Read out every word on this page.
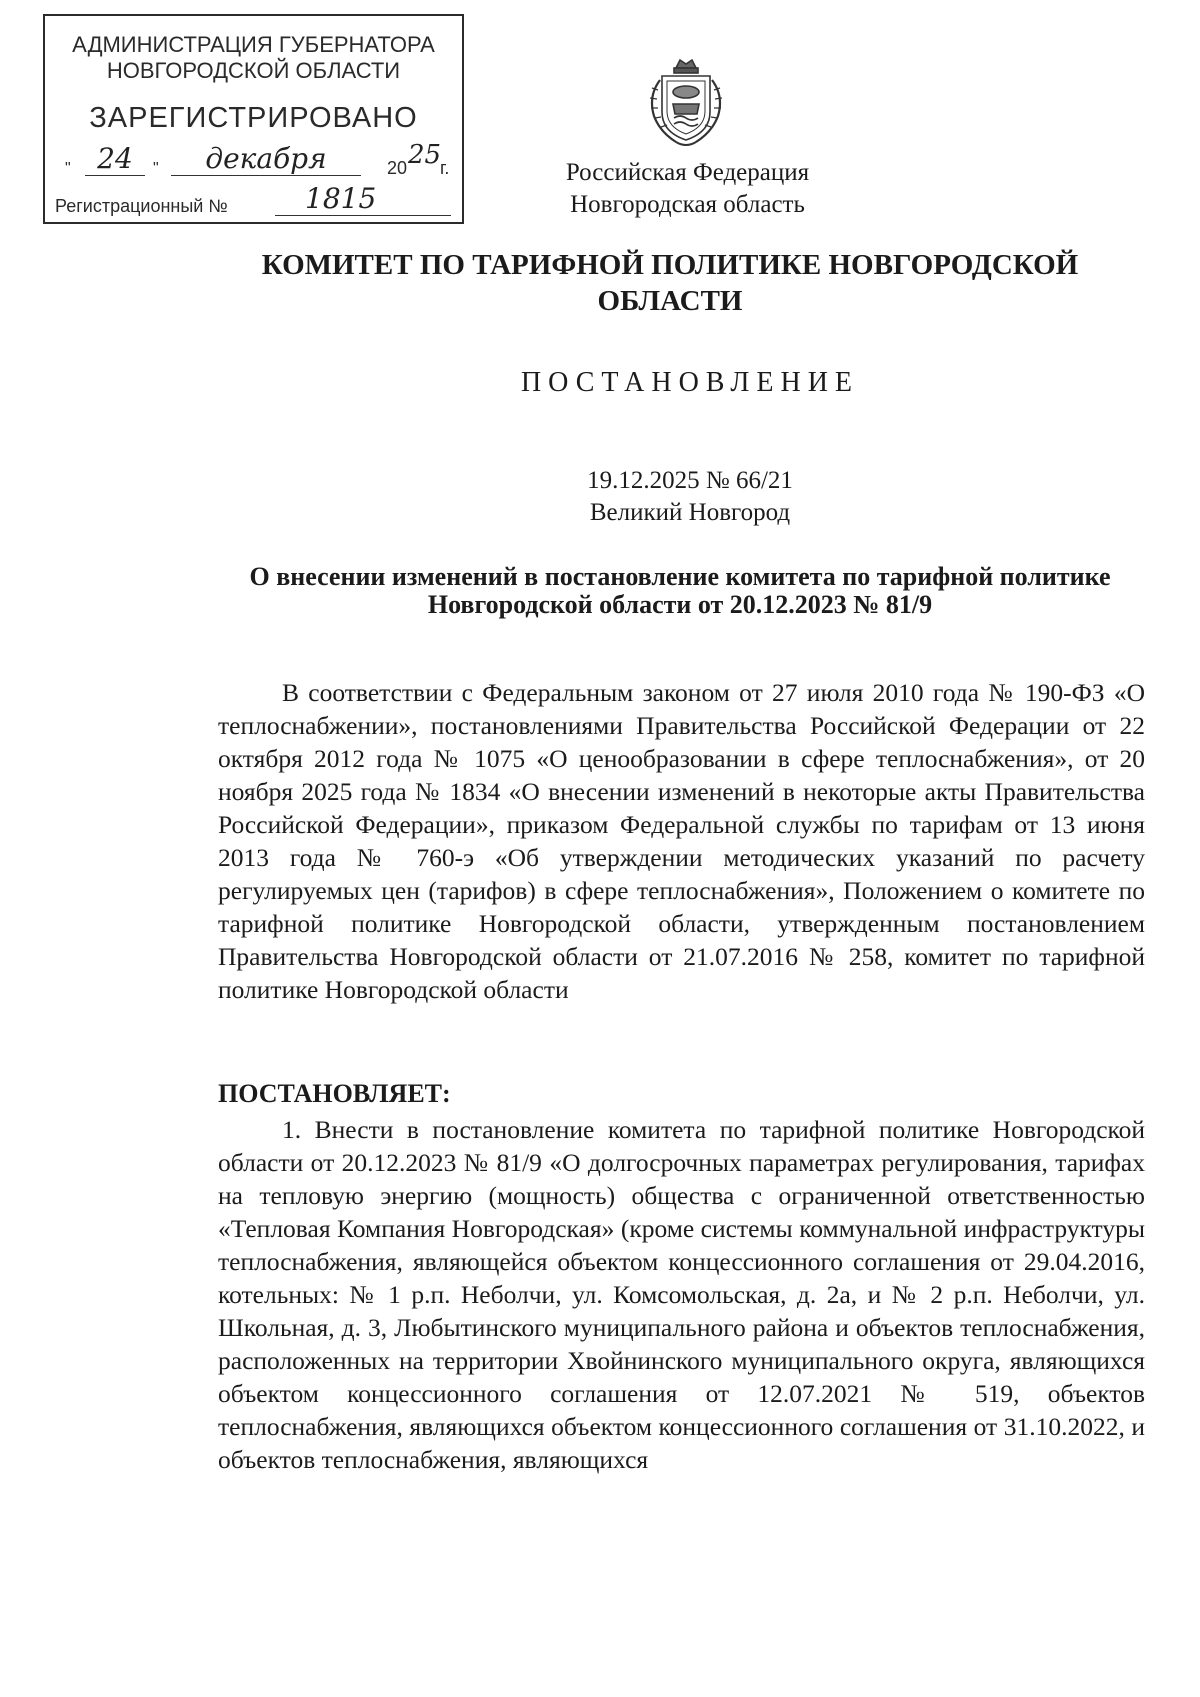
АДМИНИСТРАЦИЯ ГУБЕРНАТОРА
НОВГОРОДСКОЙ ОБЛАСТИ
ЗАРЕГИСТРИРОВАНО
" 24	"	декабря	20 25
г.
Регистрационный №	1815
Российская Федерация
Новгородская область
КОМИТЕТ ПО ТАРИФНОЙ ПОЛИТИКЕ НОВГОРОДСКОЙ
ОБЛАСТИ
ПОСТАНОВЛЕНИЕ
19.12.2025 № 66/21
Великий Новгород
О внесении изменений в постановление комитета по тарифной политике
Новгородской области от 20.12.2023 № 81/9

В соответствии с Федеральным законом от 27 июля 2010 года № 190-ФЗ «О теплоснабжении», постановлениями Правительства Российской Федерации от 22 октября 2012 года № 1075 «О ценообразовании в сфере теплоснабжения», от 20 ноября 2025 года № 1834 «О внесении изменений в некоторые акты Правительства Российской Федерации», приказом Федеральной службы по тарифам от 13 июня 2013 года № 760-э «Об утверждении методических указаний по расчету регулируемых цен (тарифов) в сфере теплоснабжения», Положением о комитете по тарифной политике Новгородской области, утвержденным постановлением Правительства Новгородской области от 21.07.2016 № 258, комитет по тарифной политике Новгородской области

ПОСТАНОВЛЯЕТ:

1. Внести в постановление комитета по тарифной политике Новгородской области от 20.12.2023 № 81/9 «О долгосрочных параметрах регулирования, тарифах на тепловую энергию (мощность) общества с ограниченной ответственностью «Тепловая Компания Новгородская» (кроме системы коммунальной инфраструктуры теплоснабжения, являющейся объектом концессионного соглашения от 29.04.2016, котельных: № 1 р.п. Неболчи, ул. Комсомольская, д. 2а, и № 2 р.п. Неболчи, ул. Школьная, д. 3, Любытинского муниципального района и объектов теплоснабжения, расположенных на территории Хвойнинского муниципального округа, являющихся объектом концессионного соглашения от 12.07.2021 № 519, объектов теплоснабжения, являющихся объектом концессионного соглашения от 31.10.2022, и объектов теплоснабжения, являющихся
